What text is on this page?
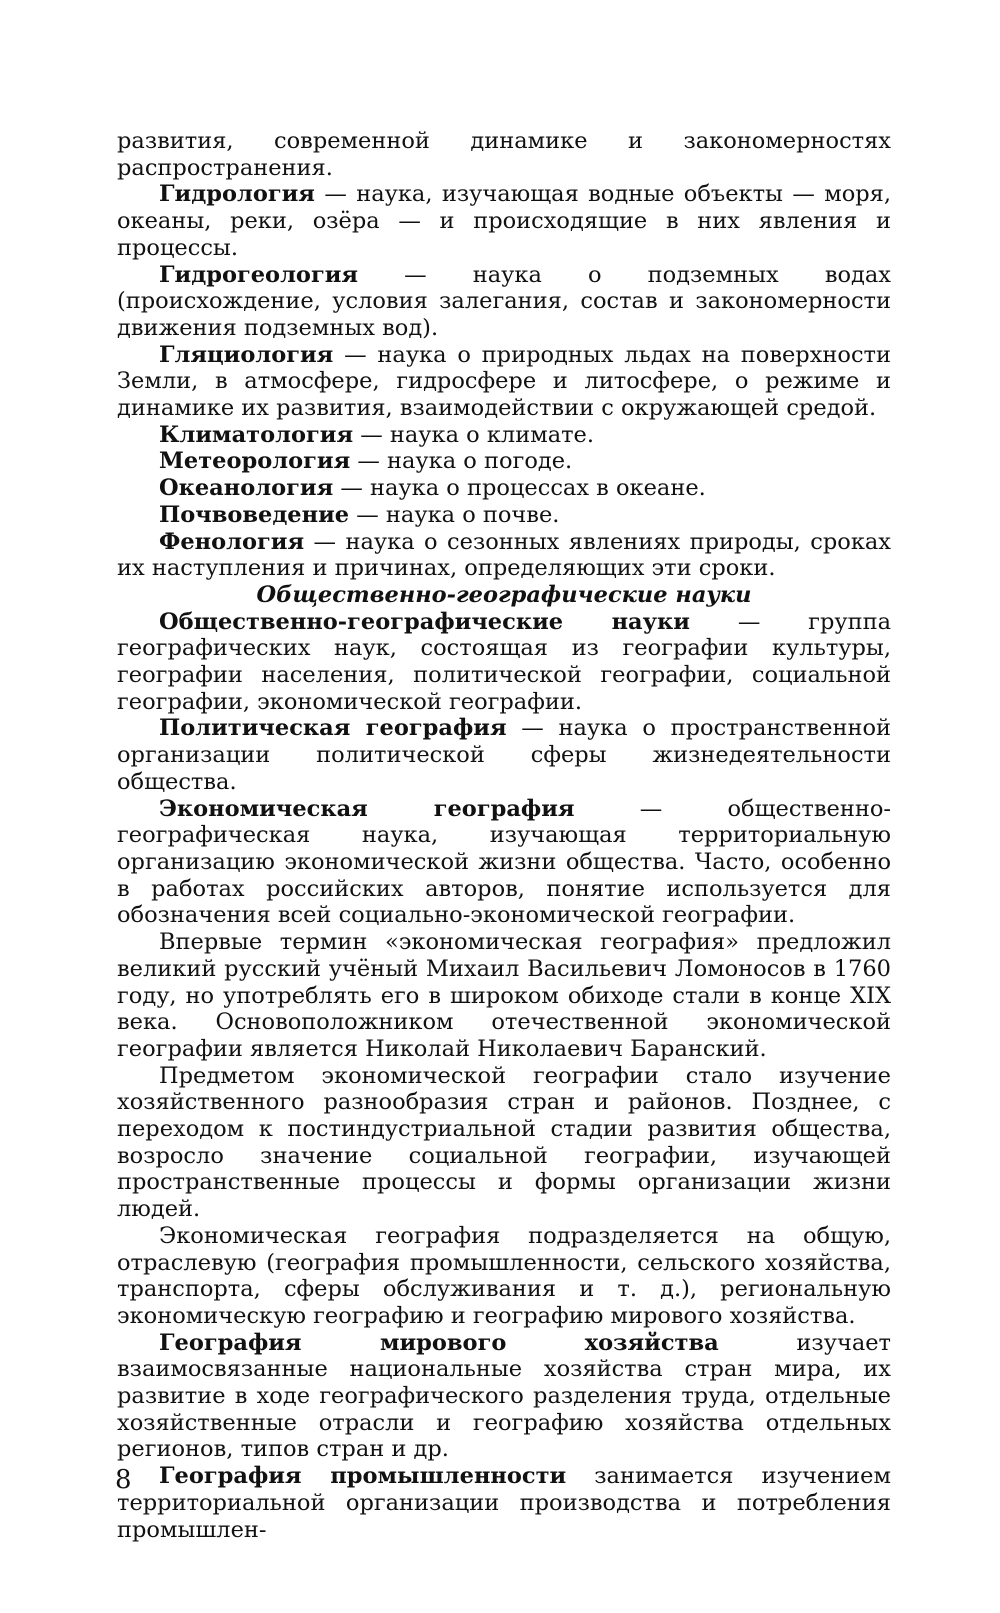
развития, современной динамике и закономерностях распространения.

Гидрология — наука, изучающая водные объекты — моря, океаны, реки, озёра — и происходящие в них явления и процессы.

Гидрогеология — наука о подземных водах (происхождение, условия залегания, состав и закономерности движения подземных вод).

Гляциология — наука о природных льдах на поверхности Земли, в атмосфере, гидросфере и литосфере, о режиме и динамике их развития, взаимодействии с окружающей средой.

Климатология — наука о климате.

Метеорология — наука о погоде.

Океанология — наука о процессах в океане.

Почвоведение — наука о почве.

Фенология — наука о сезонных явлениях природы, сроках их наступления и причинах, определяющих эти сроки.

Общественно-географические науки

Общественно-географические науки — группа географических наук, состоящая из географии культуры, географии населения, политической географии, социальной географии, экономической географии.

Политическая география — наука о пространственной организации политической сферы жизнедеятельности общества.

Экономическая география — общественно-географическая наука, изучающая территориальную организацию экономической жизни общества. Часто, особенно в работах российских авторов, понятие используется для обозначения всей социально-экономической географии.

Впервые термин «экономическая география» предложил великий русский учёный Михаил Васильевич Ломоносов в 1760 году, но употреблять его в широком обиходе стали в конце XIX века. Основоположником отечественной экономической географии является Николай Николаевич Баранский.

Предметом экономической географии стало изучение хозяйственного разнообразия стран и районов. Позднее, с переходом к постиндустриальной стадии развития общества, возросло значение социальной географии, изучающей пространственные процессы и формы организации жизни людей.

Экономическая география подразделяется на общую, отраслевую (география промышленности, сельского хозяйства, транспорта, сферы обслуживания и т. д.), региональную экономическую географию и географию мирового хозяйства.

География мирового хозяйства изучает взаимосвязанные национальные хозяйства стран мира, их развитие в ходе географического разделения труда, отдельные хозяйственные отрасли и географию хозяйства отдельных регионов, типов стран и др.

География промышленности занимается изучением территориальной организации производства и потребления промышлен-

8
